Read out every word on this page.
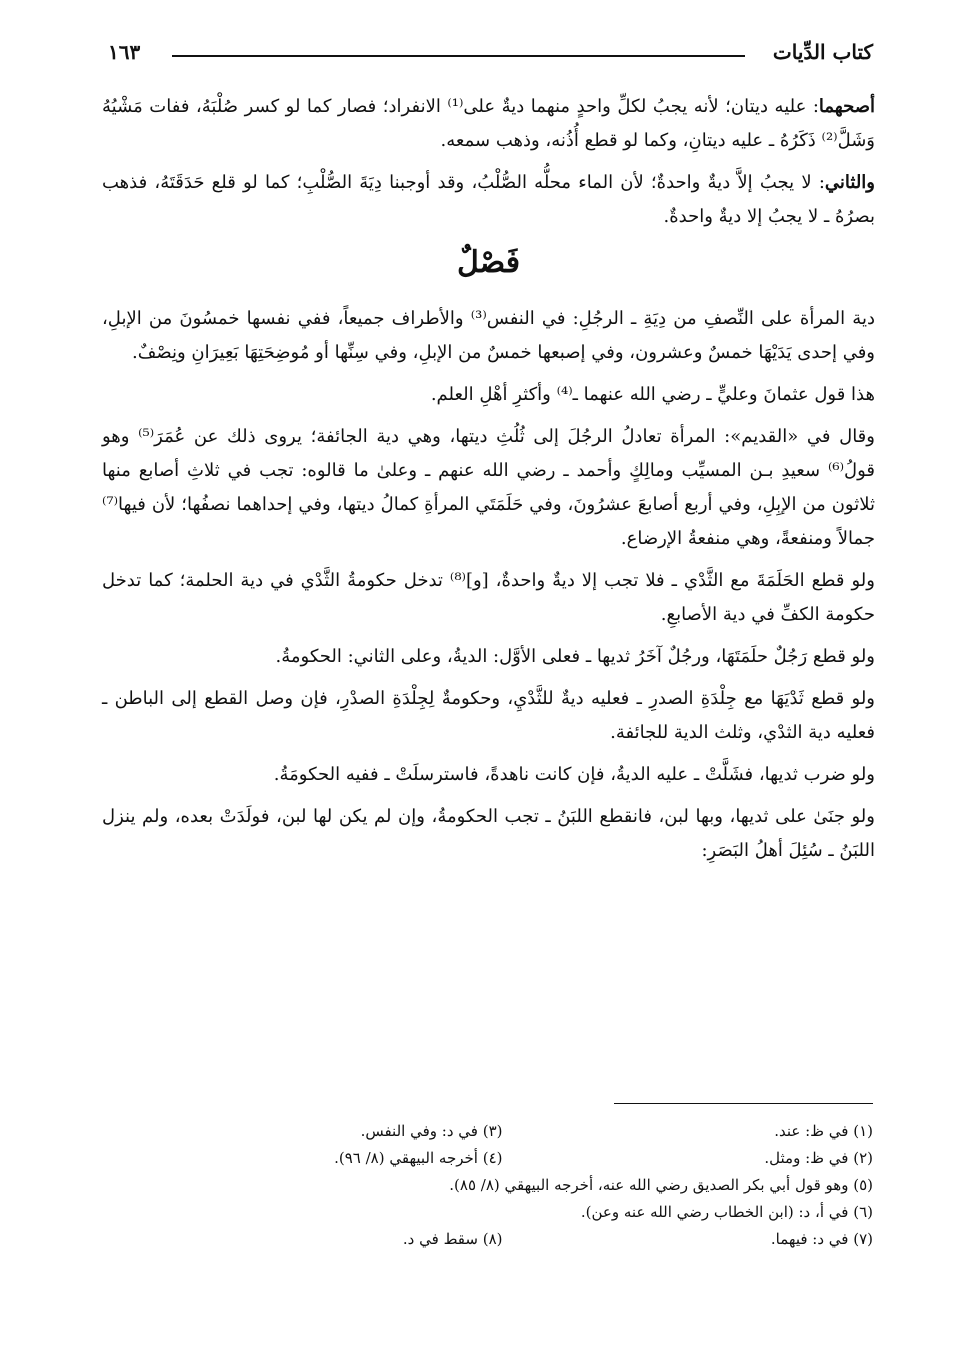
كتاب الدِّيات
١٦٣

أصحهما: عليه ديتان؛ لأنه يجبُ لكلِّ واحدٍ منهما ديةٌ على⁽¹⁾ الانفراد؛ فصار كما لو كسر صُلْبَهُ، ففات مَشْيُهُ وَشَلَّ⁽²⁾ ذَكَرُهُ ـ عليه ديتانِ، وكما لو قطع أُذُنه، وذهب سمعه.

والثاني: لا يجبُ إلاَّ ديةٌ واحدةٌ؛ لأن الماء محلُّه الصُّلْبُ، وقد أوجبنا دِيَةَ الصُّلْبِ؛ كما لو قلع حَدَقَتَهُ، فذهب بصرُهُ ـ لا يجبُ إلا ديةٌ واحدةٌ.

فَصْلٌ

دية المرأة على النِّصفِ من دِيَةِ ـ الرجُلِ: في النفس⁽³⁾ والأطراف جميعاً، ففي نفسها خمسُونَ من الإبلِ، وفي إحدى يَدَيْهَا خمسٌ وعشرون، وفي إصبعها خمسٌ من الإبلِ، وفي سِنِّها أو مُوضِحَتِهَا بَعِيرَانِ ونِصْفٌ.

هذا قول عثمانَ وعليٍّ ـ رضي الله عنهما ـ⁽⁴⁾ وأكثرِ أهْلِ العلم.

وقال في «القديم»: المرأة تعادلُ الرجُلَ إلى ثُلُثِ ديتها، وهي دية الجائفة؛ يروى ذلك عن عُمَرَ⁽⁵⁾ وهو قولُ⁽⁶⁾ سعيدِ بـن المسيِّب ومالِكٍ وأحمد ـ رضي الله عنهم ـ وعلىٰ ما قالوه: تجب في ثلاثِ أصابع منها ثلاثون من الإبِلِ، وفي أربع أصابعَ عشرُونَ، وفي حَلَمَتَي المرأةِ كمالُ ديتها، وفي إحداهما نصفُها؛ لأن فيها⁽⁷⁾ جمالاً ومنفعةً، وهي منفعةُ الإرضاع.

ولو قطع الحَلَمَةَ مع الثَّدْي ـ فلا تجب إلا ديةٌ واحدةٌ، [و]⁽⁸⁾ تدخل حكومةُ الثَّدْي في دية الحلمة؛ كما تدخل حكومة الكفِّ في دية الأصابعِ.

ولو قطع رَجُلٌ حلَمَتَهَا، ورجُلٌ آخَرُ ثديها ـ فعلى الأوَّل: الديةُ، وعلى الثاني: الحكومةُ.

ولو قطع ثَدْيَهَا مع جِلْدَةِ الصدرِ ـ فعليه ديةٌ للثَّدْيِ، وحكومةٌ لِجِلْدَةِ الصدْرِ، فإن وصل القطع إلى الباطن ـ فعليه دية الثدْي، وثلث الدية للجائفة.

ولو ضرب ثديها، فشَلَّتْ ـ عليه الديةُ، فإن كانت ناهدةً، فاسترسلَتْ ـ ففيه الحكومَةُ.

ولو جنَىٰ على ثديها، وبها لبن، فانقطع اللبَنُ ـ تجب الحكومةُ، وإن لم يكن لها لبن، فولَدَتْ بعده، ولم ينزل اللبَنُ ـ سُئِلَ أهلُ البَصَرِ:

(١) في ظ: عند.
(٣) في د: وفي النفس.
(٢) في ظ: ومثل.
(٤) أخرجه البيهقي (٨/ ٩٦).
(٥) وهو قول أبي بكر الصديق رضي الله عنه، أخرجه البيهقي (٨/ ٨٥).
(٦) في أ، د: (ابن الخطاب رضي الله عنه وعن).
(٧) في د: فيهما.
(٨) سقط في د.
